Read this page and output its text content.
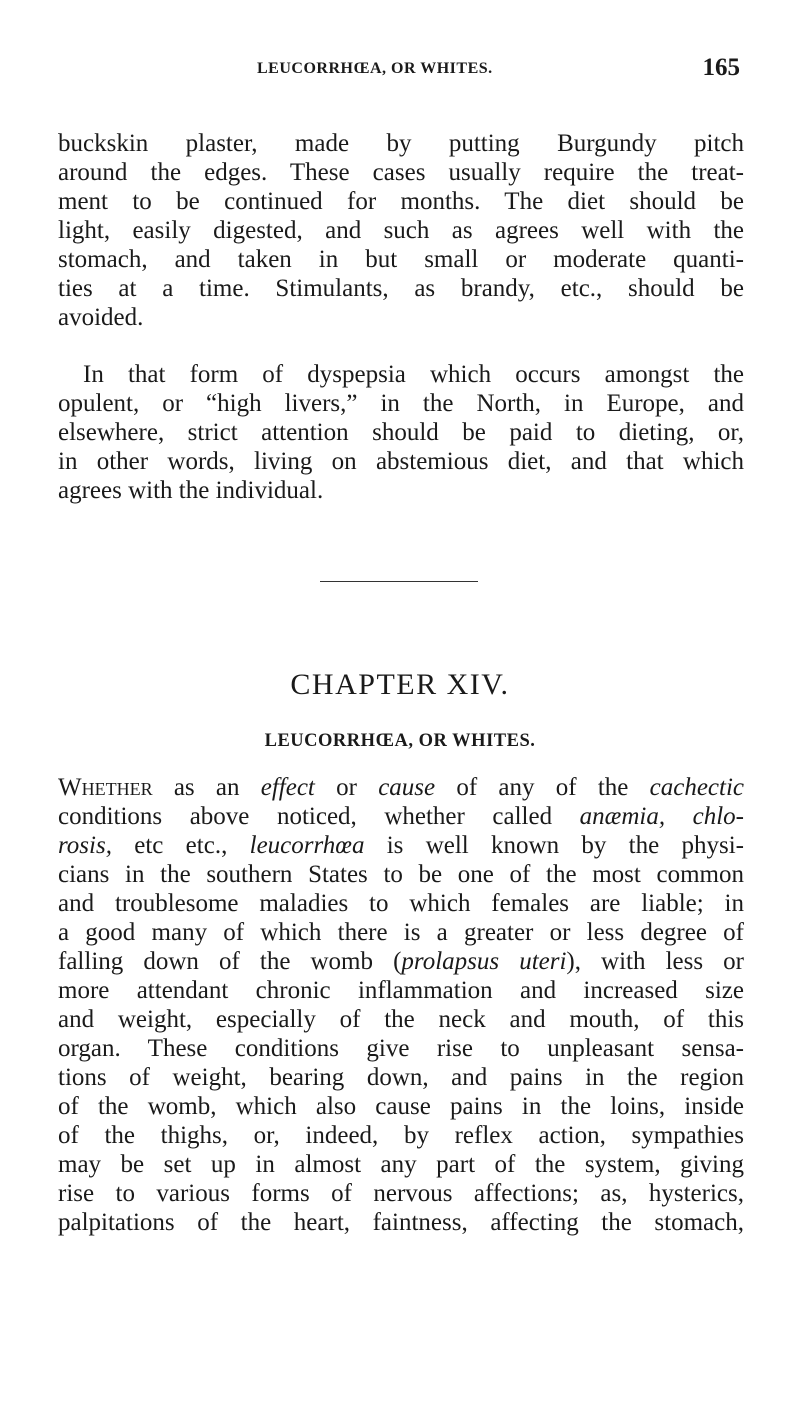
LEUCORRHŒA, OR WHITES.	165

buckskin plaster, made by putting Burgundy pitch
around the edges. These cases usually require the treat-
ment to be continued for months. The diet should be
light, easily digested, and such as agrees well with the
stomach, and taken in but small or moderate quanti-
ties at a time. Stimulants, as brandy, etc., should be
avoided.

In that form of dyspepsia which occurs amongst the
opulent, or “high livers,” in the North, in Europe, and
elsewhere, strict attention should be paid to dieting, or,
in other words, living on abstemious diet, and that which
agrees with the individual.

CHAPTER XIV.
LEUCORRHŒA, OR WHITES.

Whether as an effect or cause of any of the cachectic
conditions above noticed, whether called anæmia, chlo-
rosis, etc etc., leucorrhœa is well known by the physi-
cians in the southern States to be one of the most common
and troublesome maladies to which females are liable; in
a good many of which there is a greater or less degree of
falling down of the womb (prolapsus uteri), with less or
more attendant chronic inflammation and increased size
and weight, especially of the neck and mouth, of this
organ. These conditions give rise to unpleasant sensa-
tions of weight, bearing down, and pains in the region
of the womb, which also cause pains in the loins, inside
of the thighs, or, indeed, by reflex action, sympathies
may be set up in almost any part of the system, giving
rise to various forms of nervous affections; as, hysterics,
palpitations of the heart, faintness, affecting the stomach,
